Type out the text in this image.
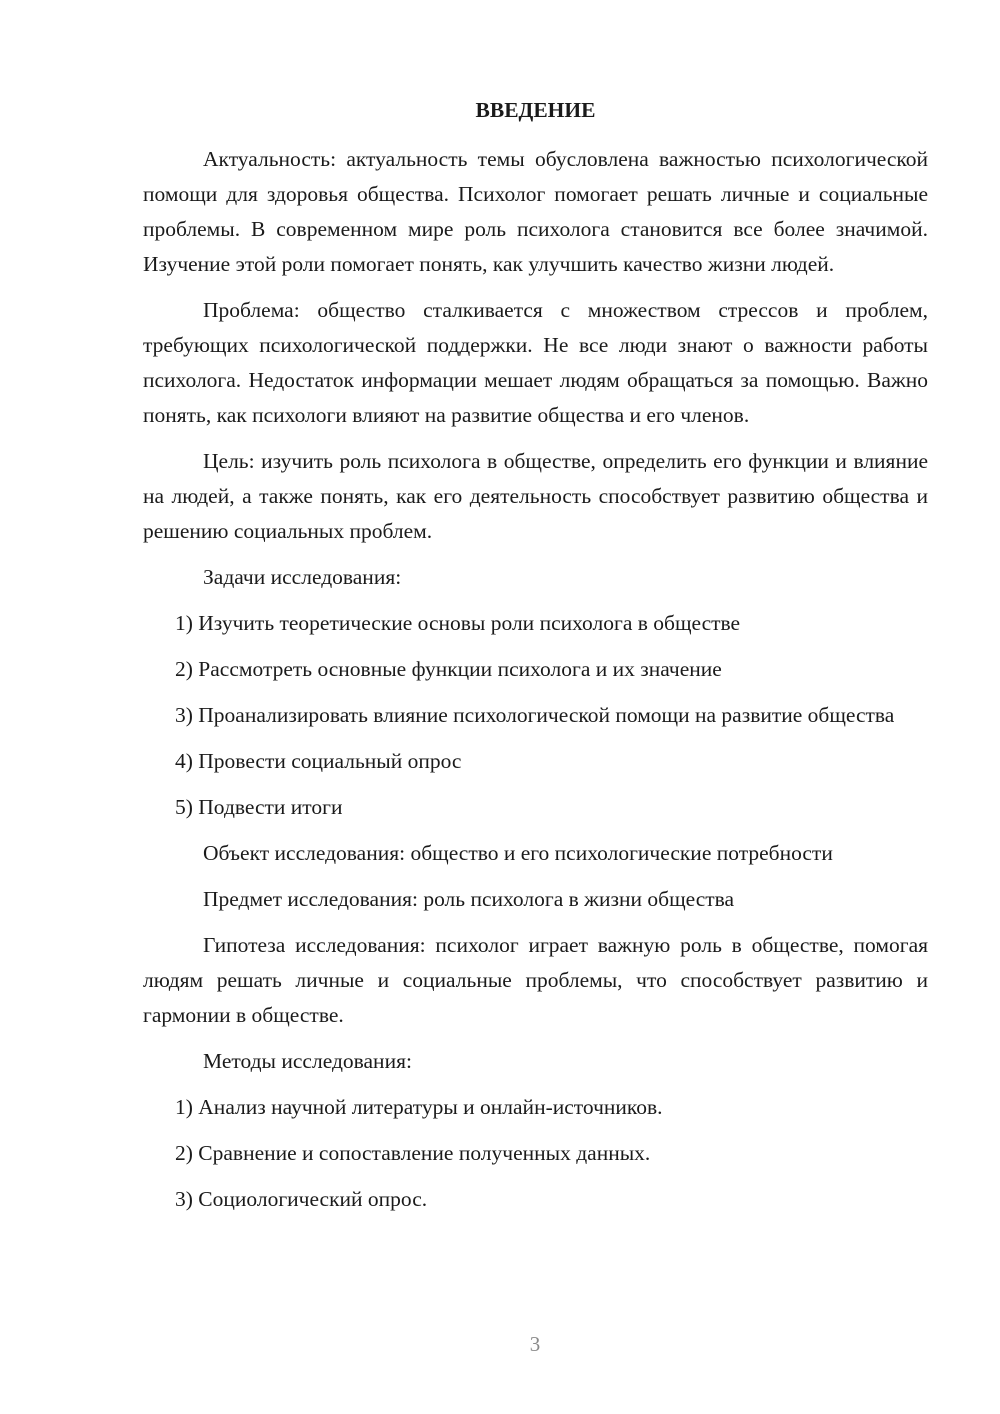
ВВЕДЕНИЕ

Актуальность: актуальность темы обусловлена важностью психологической помощи для здоровья общества. Психолог помогает решать личные и социальные проблемы. В современном мире роль психолога становится все более значимой. Изучение этой роли помогает понять, как улучшить качество жизни людей.

Проблема: общество сталкивается с множеством стрессов и проблем, требующих психологической поддержки. Не все люди знают о важности работы психолога. Недостаток информации мешает людям обращаться за помощью. Важно понять, как психологи влияют на развитие общества и его членов.

Цель: изучить роль психолога в обществе, определить его функции и влияние на людей, а также понять, как его деятельность способствует развитию общества и решению социальных проблем.

Задачи исследования:

1) Изучить теоретические основы роли психолога в обществе

2) Рассмотреть основные функции психолога и их значение

3) Проанализировать влияние психологической помощи на развитие общества

4) Провести социальный опрос

5) Подвести итоги

Объект исследования: общество и его психологические потребности

Предмет исследования: роль психолога в жизни общества

Гипотеза исследования: психолог играет важную роль в обществе, помогая людям решать личные и социальные проблемы, что способствует развитию и гармонии в обществе.

Методы исследования:

1) Анализ научной литературы и онлайн-источников.

2) Сравнение и сопоставление полученных данных.

3) Социологический опрос.

3
